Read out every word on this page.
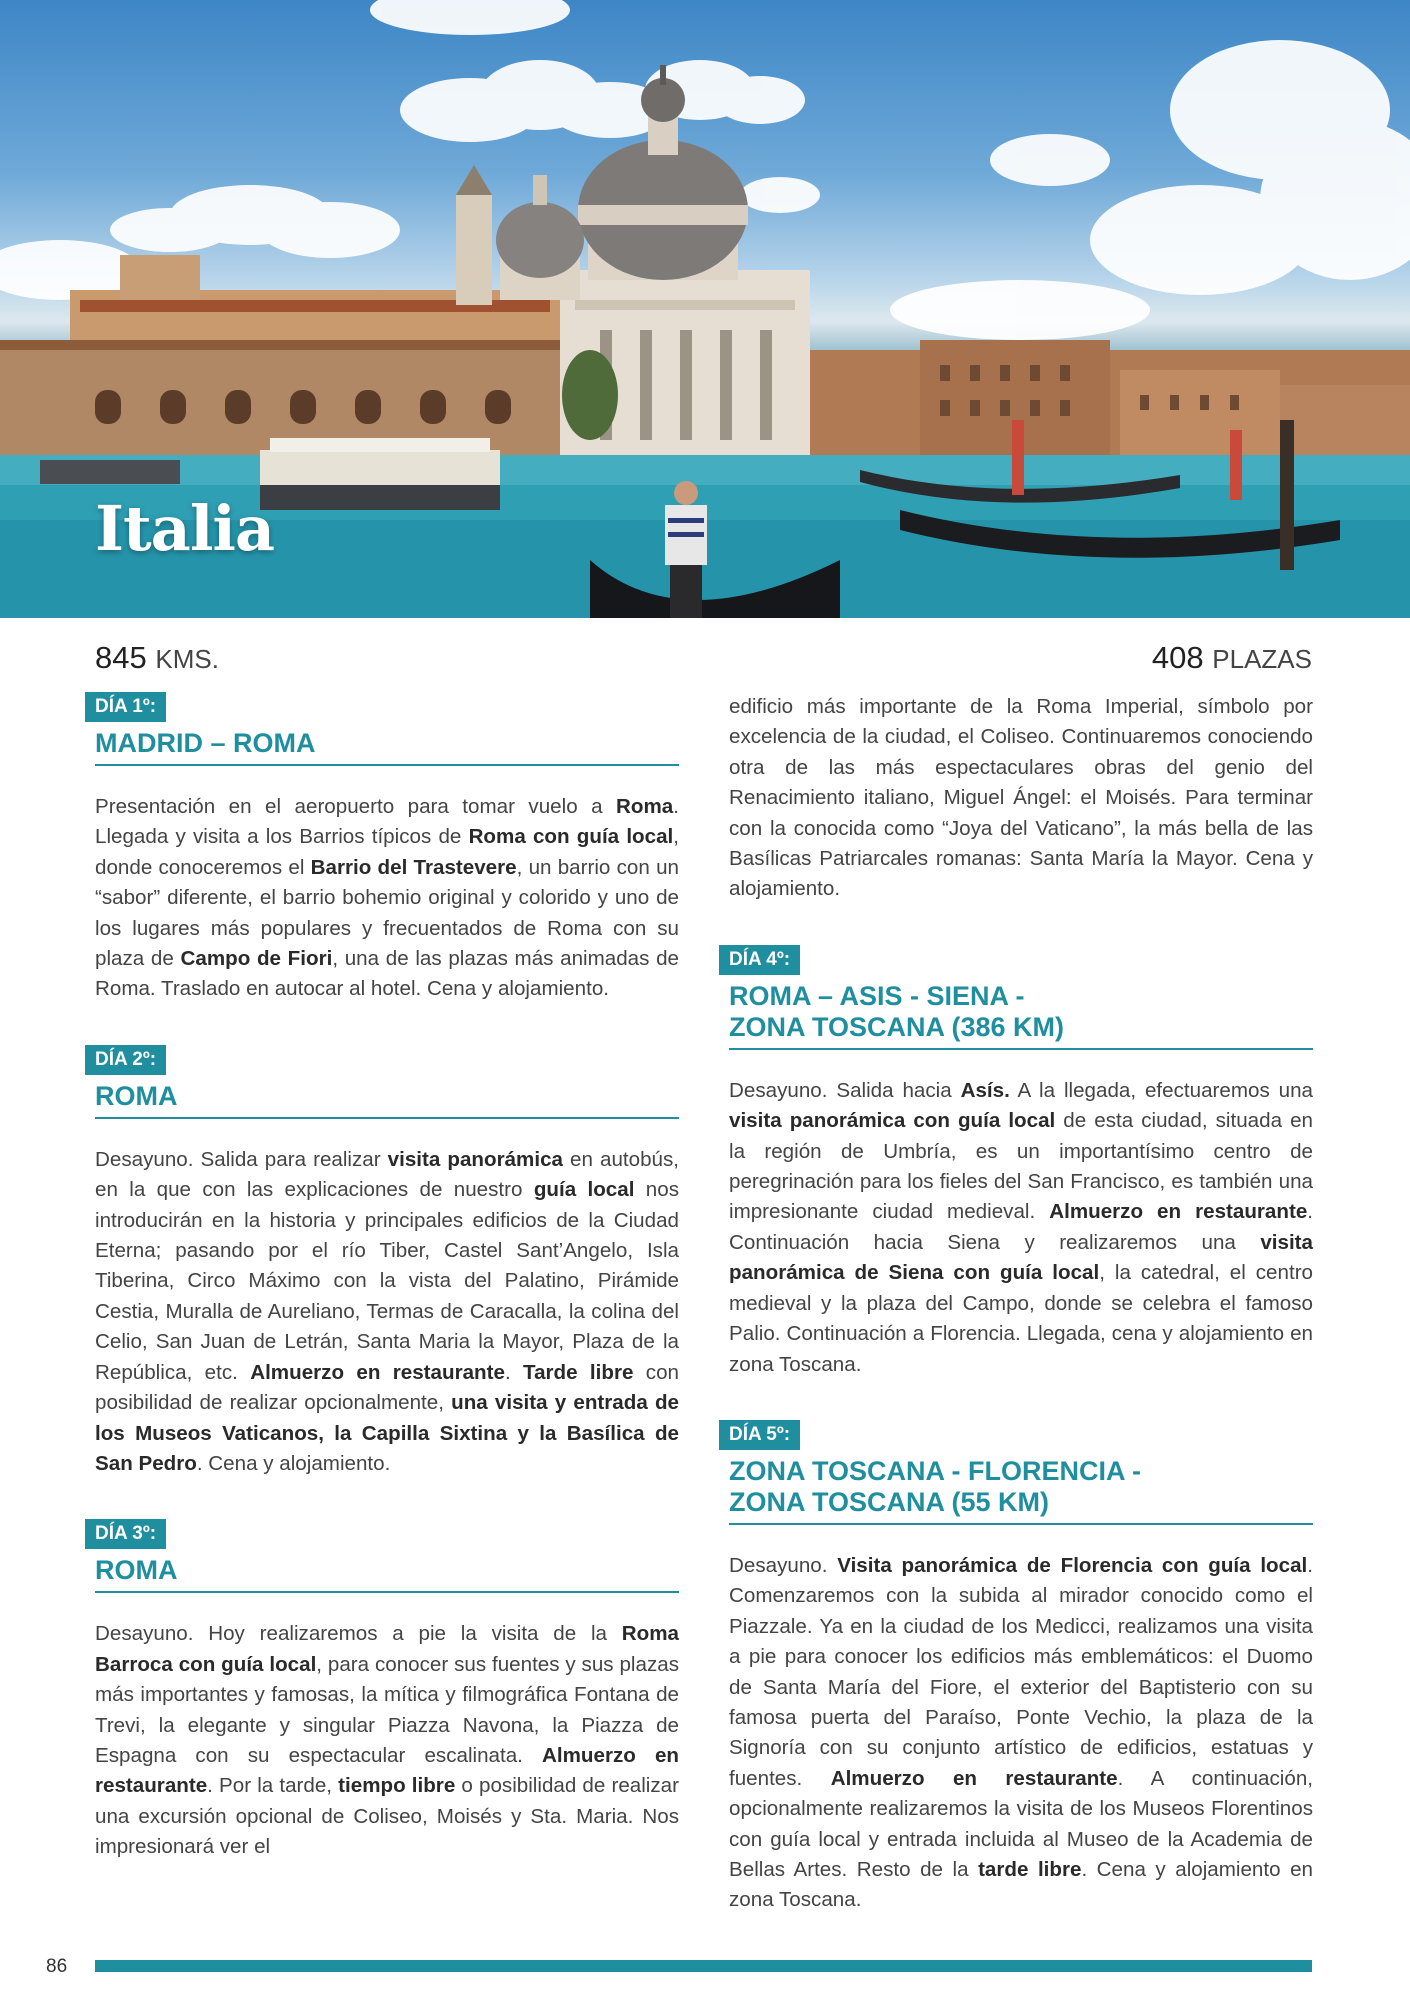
Italia
845 KMS.	408 PLAZAS
DÍA 1º:
MADRID – ROMA

Presentación en el aeropuerto para tomar vuelo a Roma. Llegada y visita a los Barrios típicos de Roma con guía local, donde conoceremos el Barrio del Trastevere, un barrio con un “sabor” diferente, el barrio bohemio original y colorido y uno de los lugares más populares y frecuentados de Roma con su plaza de Campo de Fiori, una de las plazas más animadas de Roma. Traslado en autocar al hotel. Cena y alojamiento.

DÍA 2º:
ROMA

Desayuno. Salida para realizar visita panorámica en autobús, en la que con las explicaciones de nuestro guía local nos introducirán en la historia y principales edificios de la Ciudad Eterna; pasando por el río Tiber, Castel Sant’Angelo, Isla Tiberina, Circo Máximo con la vista del Palatino, Pirámide Cestia, Muralla de Aureliano, Termas de Caracalla, la colina del Celio, San Juan de Letrán, Santa Maria la Mayor, Plaza de la República, etc. Almuerzo en restaurante. Tarde libre con posibilidad de realizar opcionalmente, una visita y entrada de los Museos Vaticanos, la Capilla Sixtina y la Basílica de San Pedro. Cena y alojamiento.

DÍA 3º:
ROMA

Desayuno. Hoy realizaremos a pie la visita de la Roma Barroca con guía local, para conocer sus fuentes y sus plazas más importantes y famosas, la mítica y filmográfica Fontana de Trevi, la elegante y singular Piazza Navona, la Piazza de Espagna con su espectacular escalinata. Almuerzo en restaurante. Por la tarde, tiempo libre o posibilidad de realizar una excursión opcional de Coliseo, Moisés y Sta. Maria. Nos impresionará ver el

edificio más importante de la Roma Imperial, símbolo por excelencia de la ciudad, el Coliseo. Continuaremos conociendo otra de las más espectaculares obras del genio del Renacimiento italiano, Miguel Ángel: el Moisés. Para terminar con la conocida como “Joya del Vaticano”, la más bella de las Basílicas Patriarcales romanas: Santa María la Mayor. Cena y alojamiento.

DÍA 4º:
ROMA – ASIS - SIENA -
ZONA TOSCANA (386 KM)

Desayuno. Salida hacia Asís. A la llegada, efectuaremos una visita panorámica con guía local de esta ciudad, situada en la región de Umbría, es un importantísimo centro de peregrinación para los fieles del San Francisco, es también una impresionante ciudad medieval. Almuerzo en restaurante. Continuación hacia Siena y realizaremos una visita panorámica de Siena con guía local, la catedral, el centro medieval y la plaza del Campo, donde se celebra el famoso Palio. Continuación a Florencia. Llegada, cena y alojamiento en zona Toscana.

DÍA 5º:
ZONA TOSCANA - FLORENCIA -
ZONA TOSCANA (55 KM)

Desayuno. Visita panorámica de Florencia con guía local. Comenzaremos con la subida al mirador conocido como el Piazzale. Ya en la ciudad de los Medicci, realizamos una visita a pie para conocer los edificios más emblemáticos: el Duomo de Santa María del Fiore, el exterior del Baptisterio con su famosa puerta del Paraíso, Ponte Vechio, la plaza de la Signoría con su conjunto artístico de edificios, estatuas y fuentes. Almuerzo en restaurante. A continuación, opcionalmente realizaremos la visita de los Museos Florentinos con guía local y entrada incluida al Museo de la Academia de Bellas Artes. Resto de la tarde libre. Cena y alojamiento en zona Toscana.

86
